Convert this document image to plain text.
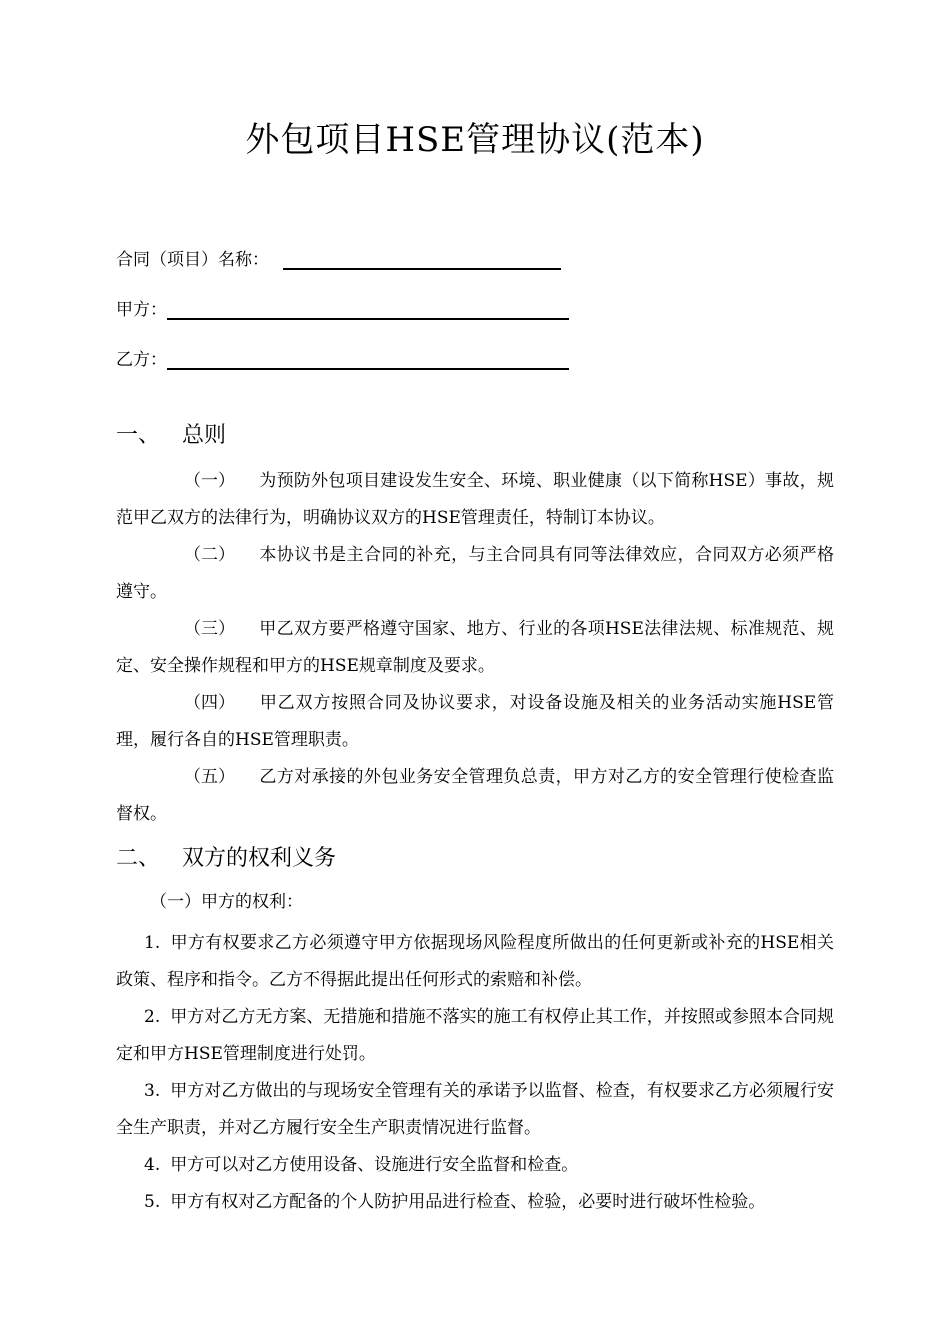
外包项目HSE管理协议(范本)
合同（项目）名称：
甲方：
乙方：
一、 总则

（一） 为预防外包项目建设发生安全、环境、职业健康（以下简称HSE）事故，规范甲乙双方的法律行为，明确协议双方的HSE管理责任，特制订本协议。

（二） 本协议书是主合同的补充，与主合同具有同等法律效应，合同双方必须严格遵守。

（三） 甲乙双方要严格遵守国家、地方、行业的各项HSE法律法规、标准规范、规定、安全操作规程和甲方的HSE规章制度及要求。

（四） 甲乙双方按照合同及协议要求，对设备设施及相关的业务活动实施HSE管理，履行各自的HSE管理职责。

（五） 乙方对承接的外包业务安全管理负总责，甲方对乙方的安全管理行使检查监督权。

二、 双方的权利义务

（一）甲方的权利：

1. 甲方有权要求乙方必须遵守甲方依据现场风险程度所做出的任何更新或补充的HSE相关政策、程序和指令。乙方不得据此提出任何形式的索赔和补偿。

2. 甲方对乙方无方案、无措施和措施不落实的施工有权停止其工作，并按照或参照本合同规定和甲方HSE管理制度进行处罚。

3. 甲方对乙方做出的与现场安全管理有关的承诺予以监督、检查，有权要求乙方必须履行安全生产职责，并对乙方履行安全生产职责情况进行监督。

4. 甲方可以对乙方使用设备、设施进行安全监督和检查。

5. 甲方有权对乙方配备的个人防护用品进行检查、检验，必要时进行破坏性检验。
